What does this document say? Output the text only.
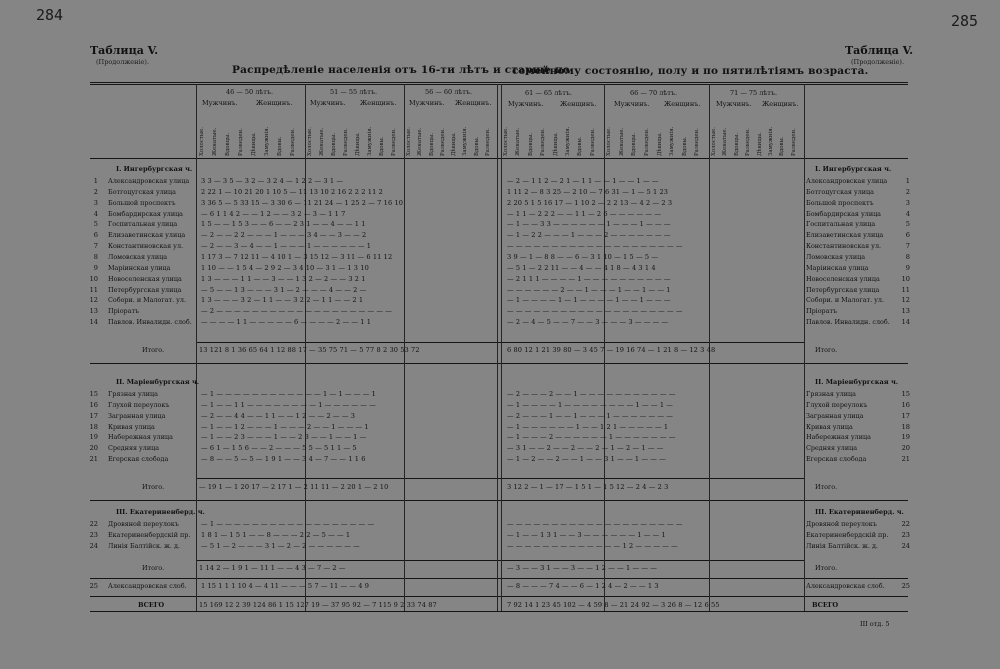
284	285
Таблица V.
(Продолженіе).
Таблица V.
(Продолженіе).
Распредѣленіе населенія отъ 16-ти лѣтъ и старше по
семейному состоянію, полу и по пятилѣтіямъ возраста.
46 — 50 лѣтъ.	51 — 55 лѣтъ.	56 — 60 лѣтъ.	61 — 65 лѣтъ.	66 — 70 лѣтъ.	71 — 75 лѣтъ.
Мужчинъ.	Женщинъ.	Мужчинъ. Женщинъ. Мужчинъ. Женщинъ.	Мужчинъ.	Женщинъ.	Мужчинъ. Женщинъ. Мужчинъ. Женщинъ.
Холостые. Женатые. Вдовцы. Разведен. Дѣвицы. Замужнія. Вдовы. Разведен. Холостые. Женатые. Вдовцы. Разведен. Дѣвицы. Замужнія. Вдовы. Разведен. Холостые. Женатые. Вдовцы. Разведен. Дѣвицы. Замужнія. Вдовы. Разведен. Холостые. Женатые. Вдовцы. Разведен. Дѣвицы. Замужнія. Вдовы. Разведен. Холостые. Женатые. Вдовцы. Разведен. Дѣвицы. Замужнія. Вдовы. Разведен. Холостые. Женатые. Вдовцы. Разведен. Дѣвицы. Замужнія. Вдовы. Разведен.
I. Ингербургская ч.	I. Ингербургская ч.
1 Александровская улица 3 3 — 3 5 — 3 2 — 3 2 4 — 1 2 2 — 3 1 —	— 2 — 1 1 2 — 2 1 — 1 1 — — 1 — — 1 — —	Александровская улица	1
2 Ботгоцугская улица	2 22 1 — 10 21 20 1 10 5 — 11 13 10 2 16 2 2 2 11 2	1 11 2 — 8 3 25 — 2 10 — 7 6 31 — 1 — 5 1 23	Ботгоцугская улица	2
3 Большой проспектъ	3 36 5 — 5 33 15 — 3 30 6 — 11 21 24 — 1 25 2 — 7 16 10	2 20 5 1 5 16 17 — 1 10 2 — 2 2 13 — 4 2 — 2 3	Большой проспектъ	3
4 Бомбардирская улица	— 6 1 1 4 2 — — 1 2 — — 3 2 — 3 — 1 1 7	— 1 1 — 2 2 2 — — 1 1 — 2 6 — — — — — —	Бомбардирская улица	4
5 Госпитальная улица	1 5 — — 1 5 3 — — 6 — — 2 3 1 — — 4 — — 1 1	— 1 — — 3 3 — — — — — — 1 — — — 1 — — —	Госпитальная улица	5
6 Елизаветинская улица — 2 — — 2 2 — — — 1 — — — 3 4 — — 3 — — 2	— 1 — 2 2 — — — 1 — — — 2 — — — — — — —	Елизаветинская улица	6
7 Константиновская ул.	— 2 — — 3 — 4 — — 1 — — — 1 — — — — — — 1	— — — — — — — — — — — — — — — — — — — —	Константиновская ул.	7
8 Ломовская улица	1 17 3 — 7 12 11 — 4 10 1 — 3 15 12 — 3 11 — 6 11 12	3 9 — 1 — 8 8 — — 6 — 3 1 10 — 1 5 — 5 —	Ломовская улица	8
9 Маріинская улица	1 10 — — 1 5 4 — 2 9 2 — 3 4 10 — 3 1 — 1 3 10	— 5 1 — 2 2 11 — — 4 — — 4 1 8 — 4 3 1 4	Маріинская улица	9
10 Новоселенская улица	1 3 — — — 1 1 — — 3 — — 1 3 2 — 2 — — 3 2 1	— 2 1 1 1 — — — — 1 — — — — — — — — — —	Новоселенская улица	10
11 Петербургская улица	— 5 — — 1 3 — — — 3 1 — 2 — — — 4 — — 2 —	— — — — — — 2 — — 1 — — — 1 — — 1 — — 1	Петербургская улица	11
12 Собори. и Малогат. ул. 1 3 — — — 3 2 — 1 1 — — 3 2 2 — 1 1 — — 2 1	— 1 — — — — 1 — 1 — — — — 1 — — 1 — — —	Собори. и Малогат. ул.	12
13 Пріоратъ	— 2 — — — — — — — — — — — — — — — — — — — —	— — — — — — — — — — — — — — — — — — — —	Пріоратъ	13
14 Павлов. Инвалидн. слоб. — — — — 1 1 — — — — — 6 — — — — 2 — — 1 1	— 2 — 4 — 5 — — 7 — — 3 — — — 3 — — — —	Павлов. Инвалидн. слоб.	14
Итого.	13 121 8 1 36 65 64 1 12 88 17 — 35 75 71 — 5 77 8 2 30 53 72	6 80 12 1 21 39 80 — 3 45 7 — 19 16 74 — 1 21 8 — 12 3 48	Итого.
II. Маріенбургская ч.	II. Маріенбургская ч.
15 Грязная улица	— 1 — — — — — — — — — — — — 1 — 1 — — — 1	— 2 — — — 2 — — 1 — — — — — — — — — — —	Грязная улица	15
16 Глухой переулокъ	— 1 — — 1 1 — — — — — — — — 1 — — — — — —	— 1 — — — — 1 — — — — — — — — 1 — — 1 —	Глухой переулокъ	16
17 Загранная улица	— 2 — — 4 4 — — 1 1 — — 1 2 — — 2 — — 3	— 2 — — — 1 — — 1 — — — 1 — — — — — — —	Загранная улица	17
18 Кривая улица	— 1 — — 1 2 — — — 1 — — — 2 — — 1 — — — 1	— 1 — — — — — — 1 — — 1 2 1 — — — — — 1	Кривая улица	18
19 Набережная улица	— 1 — — 2 3 — — — 1 — — 2 3 — — 1 — — 1 —	— 1 — — — 2 — — — — — — 1 — — — — — — —	Набережная улица	19
20 Средняя улица	— 6 1 — 1 5 6 — — 2 — — — 5 5 — 5 1 1 — 5	— 3 1 — — 2 — — 2 — — 2 — 1 — 2 — 1 — —	Средняя улица	20
21 Егерская слобода	— 8 — — 5 — 5 — 1 9 1 — — 3 4 — 7 — — 1 1 6	— 1 — 2 — — 2 — — 1 — — 3 1 — — 1 — — —	Егерская слобода	21
Итого.	— 19 1 — 1 20 17 — 2 17 1 — 2 11 11 — 2 20 1 — 2 10	3 12 2 — 1 — 17 — 1 5 1 — 1 5 12 — 2 4 — 2 3	Итого.
III. Екатериненберд. ч.	III. Екатериненберд. ч.
22 Дровяной переулокъ	— 1 — — — — — — — — — — — — — — — — — —	— — — — — — — — — — — — — — — — — — — —	Дровяной переулокъ	22
23 Екатериненбердскій пр. 1 8 1 — 1 5 1 — — 8 — — — 2 2 — 5 — — 1	— 1 — — 1 3 1 — — 3 — — — — — — 1 — — 1	Екатериненбердскій пр.	23
24 Линія Балтійск. ж. д.	— 5 1 — 2 — — — 3 1 — 2 — 2 — — — — — —	— — — — — — — — — — — — — 1 2 — — — — —	Линія Балтійск. ж. д.	24
Итого.	1 14 2 — 1 9 1 — 11 1 — — 4 3 — 7 — 2 —	— 3 — — 3 1 — — 3 — — 1 2 — — 1 — — —	Итого.
25 Александровская слоб. 1 15 1 1 1 10 4 — 4 11 — — — 5 7 — 11 — — 4 9	— 8 — — — 7 4 — — 6 — 1 2 4 — 2 — — 1 3	Александровская слоб.	25
ВСЕГО	15 169 12 2 39 124 86 1 15 127 19 — 37 95 92 — 7 115 9 2 33 74 87	7 92 14 1 23 45 102 — 4 59 8 — 21 24 92 — 3 26 8 — 12 6 55	ВСЕГО
III отд. 5
